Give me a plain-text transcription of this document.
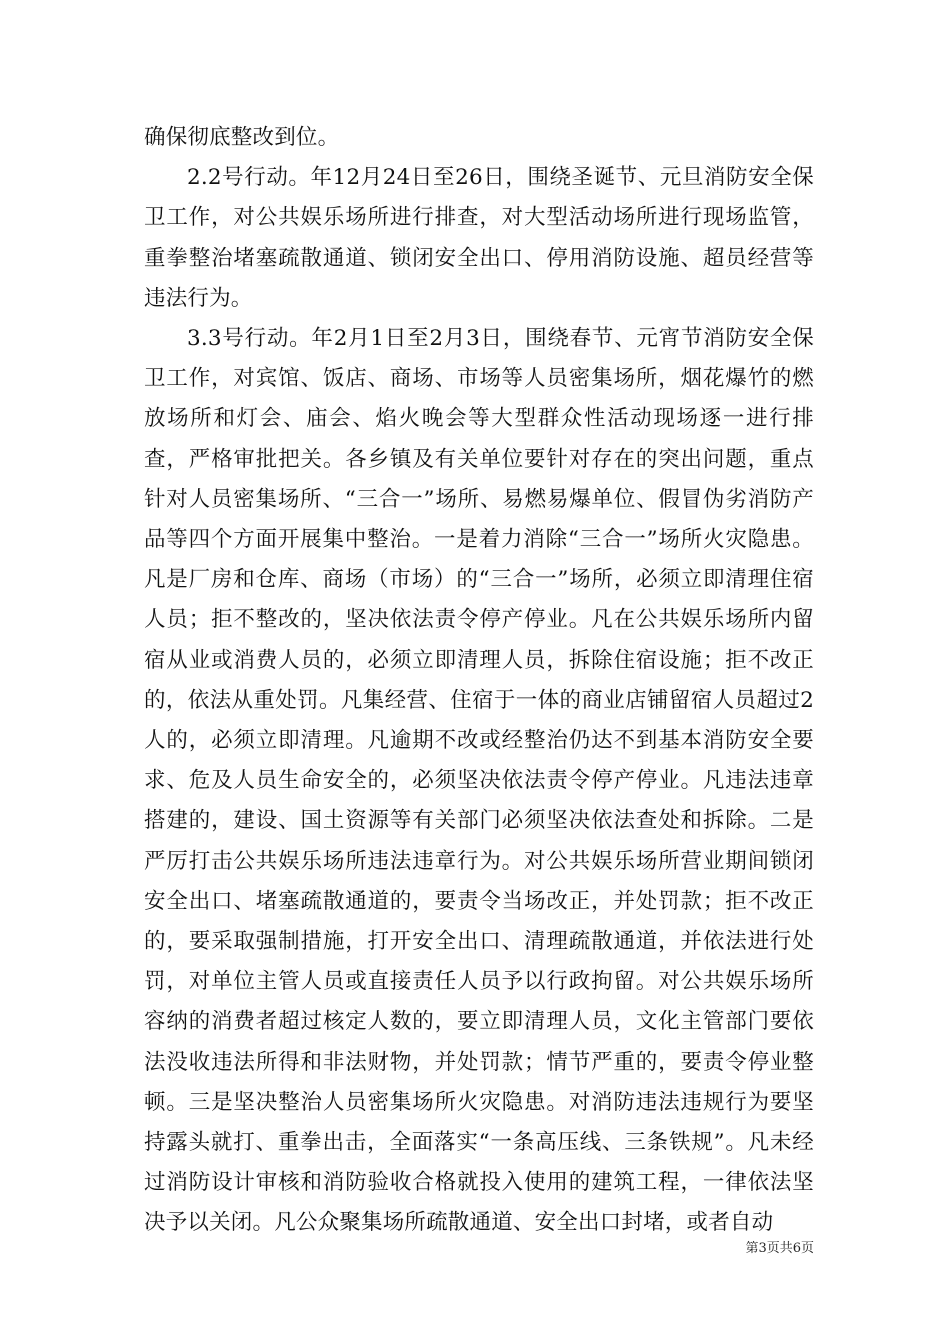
确保彻底整改到位。

2.2号行动。年12月24日至26日，围绕圣诞节、元旦消防安全保卫工作，对公共娱乐场所进行排查，对大型活动场所进行现场监管，重拳整治堵塞疏散通道、锁闭安全出口、停用消防设施、超员经营等违法行为。

3.3号行动。年2月1日至2月3日，围绕春节、元宵节消防安全保卫工作，对宾馆、饭店、商场、市场等人员密集场所，烟花爆竹的燃放场所和灯会、庙会、焰火晚会等大型群众性活动现场逐一进行排查，严格审批把关。各乡镇及有关单位要针对存在的突出问题，重点针对人员密集场所、“三合一”场所、易燃易爆单位、假冒伪劣消防产品等四个方面开展集中整治。一是着力消除“三合一”场所火灾隐患。凡是厂房和仓库、商场（市场）的“三合一”场所，必须立即清理住宿人员；拒不整改的，坚决依法责令停产停业。凡在公共娱乐场所内留宿从业或消费人员的，必须立即清理人员，拆除住宿设施；拒不改正的，依法从重处罚。凡集经营、住宿于一体的商业店铺留宿人员超过2人的，必须立即清理。凡逾期不改或经整治仍达不到基本消防安全要求、危及人员生命安全的，必须坚决依法责令停产停业。凡违法违章搭建的，建设、国土资源等有关部门必须坚决依法查处和拆除。二是严厉打击公共娱乐场所违法违章行为。对公共娱乐场所营业期间锁闭安全出口、堵塞疏散通道的，要责令当场改正，并处罚款；拒不改正的，要采取强制措施，打开安全出口、清理疏散通道，并依法进行处罚，对单位主管人员或直接责任人员予以行政拘留。对公共娱乐场所容纳的消费者超过核定人数的，要立即清理人员，文化主管部门要依法没收违法所得和非法财物，并处罚款；情节严重的，要责令停业整顿。三是坚决整治人员密集场所火灾隐患。对消防违法违规行为要坚持露头就打、重拳出击，全面落实“一条高压线、三条铁规”。凡未经过消防设计审核和消防验收合格就投入使用的建筑工程，一律依法坚决予以关闭。凡公众聚集场所疏散通道、安全出口封堵，或者自动

第3页共6页
